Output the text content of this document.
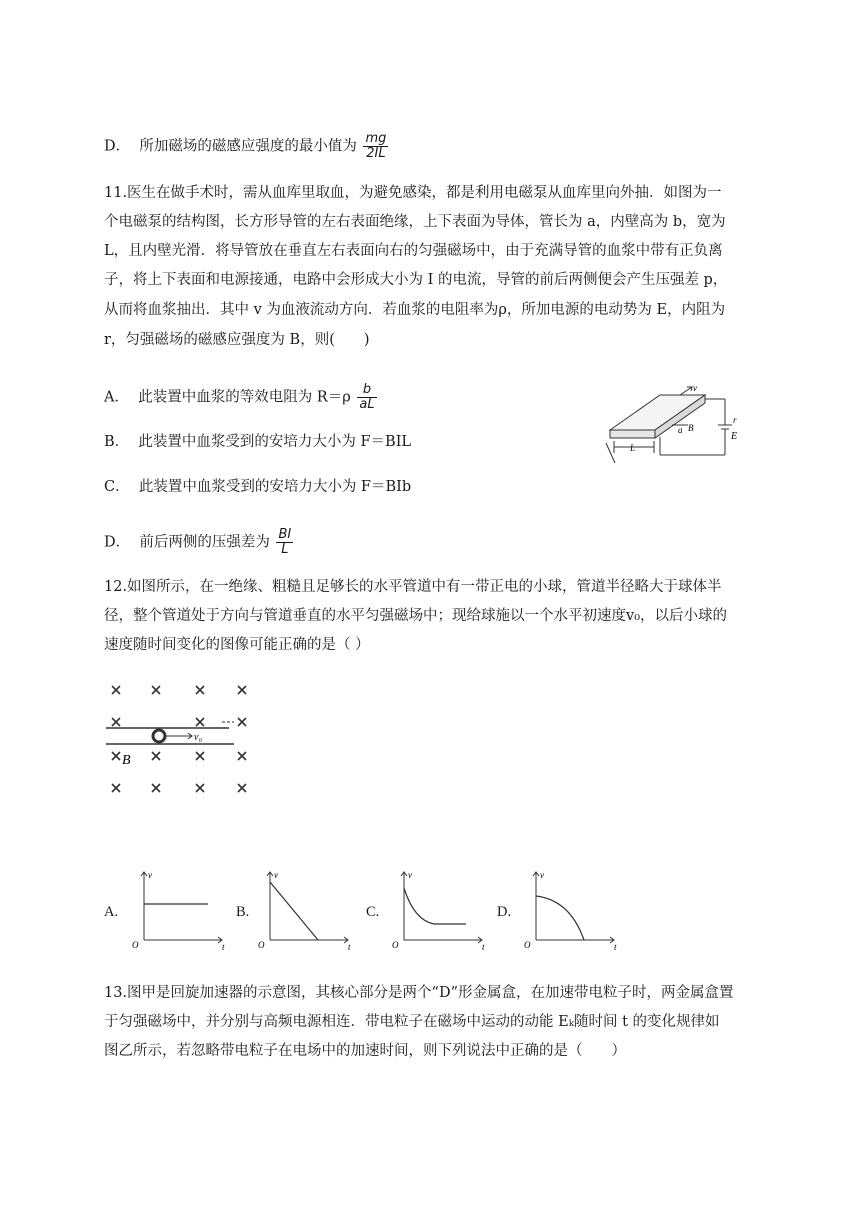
D． 所加磁场的磁感应强度的最小值为 $\frac{mg}{2IL}$
11.医生在做手术时，需从血库里取血，为避免感染，都是利用电磁泵从血库里向外抽．如图为一
个电磁泵的结构图，长方形导管的左右表面绝缘，上下表面为导体，管长为 a，内壁高为 b，宽为
L，且内壁光滑．将导管放在垂直左右表面向右的匀强磁场中，由于充满导管的血浆中带有正负离
子，将上下表面和电源接通，电路中会形成大小为 I 的电流，导管的前后两侧便会产生压强差 p，
从而将血浆抽出．其中 v 为血液流动方向．若血浆的电阻率为ρ，所加电源的电动势为 E，内阻为
r，匀强磁场的磁感应强度为 B，则(　　)
A． 此装置中血浆的等效电阻为 $R=\rho \frac{b}{aL}$
B． 此装置中血浆受到的安培力大小为 F＝BIL
C． 此装置中血浆受到的安培力大小为 F＝BIb
D． 前后两侧的压强差为 $\frac{BI}{L}$
v
a B
L
r
E
12.如图所示，在一绝缘、粗糙且足够长的水平管道中有一带正电的小球，管道半径略大于球体半
径，整个管道处于方向与管道垂直的水平匀强磁场中；现给球施以一个水平初速度v₀，以后小球的
速度随时间变化的图像可能正确的是（ ）
B
v₀
A.
v
t
O
B.
v
t
O
C.
v
t
O
D.
v
t
O
13.图甲是回旋加速器的示意图，其核心部分是两个“D”形金属盒，在加速带电粒子时，两金属盒置
于匀强磁场中，并分别与高频电源相连．带电粒子在磁场中运动的动能 Eₖ随时间 t 的变化规律如
图乙所示，若忽略带电粒子在电场中的加速时间，则下列说法中正确的是（　　）
